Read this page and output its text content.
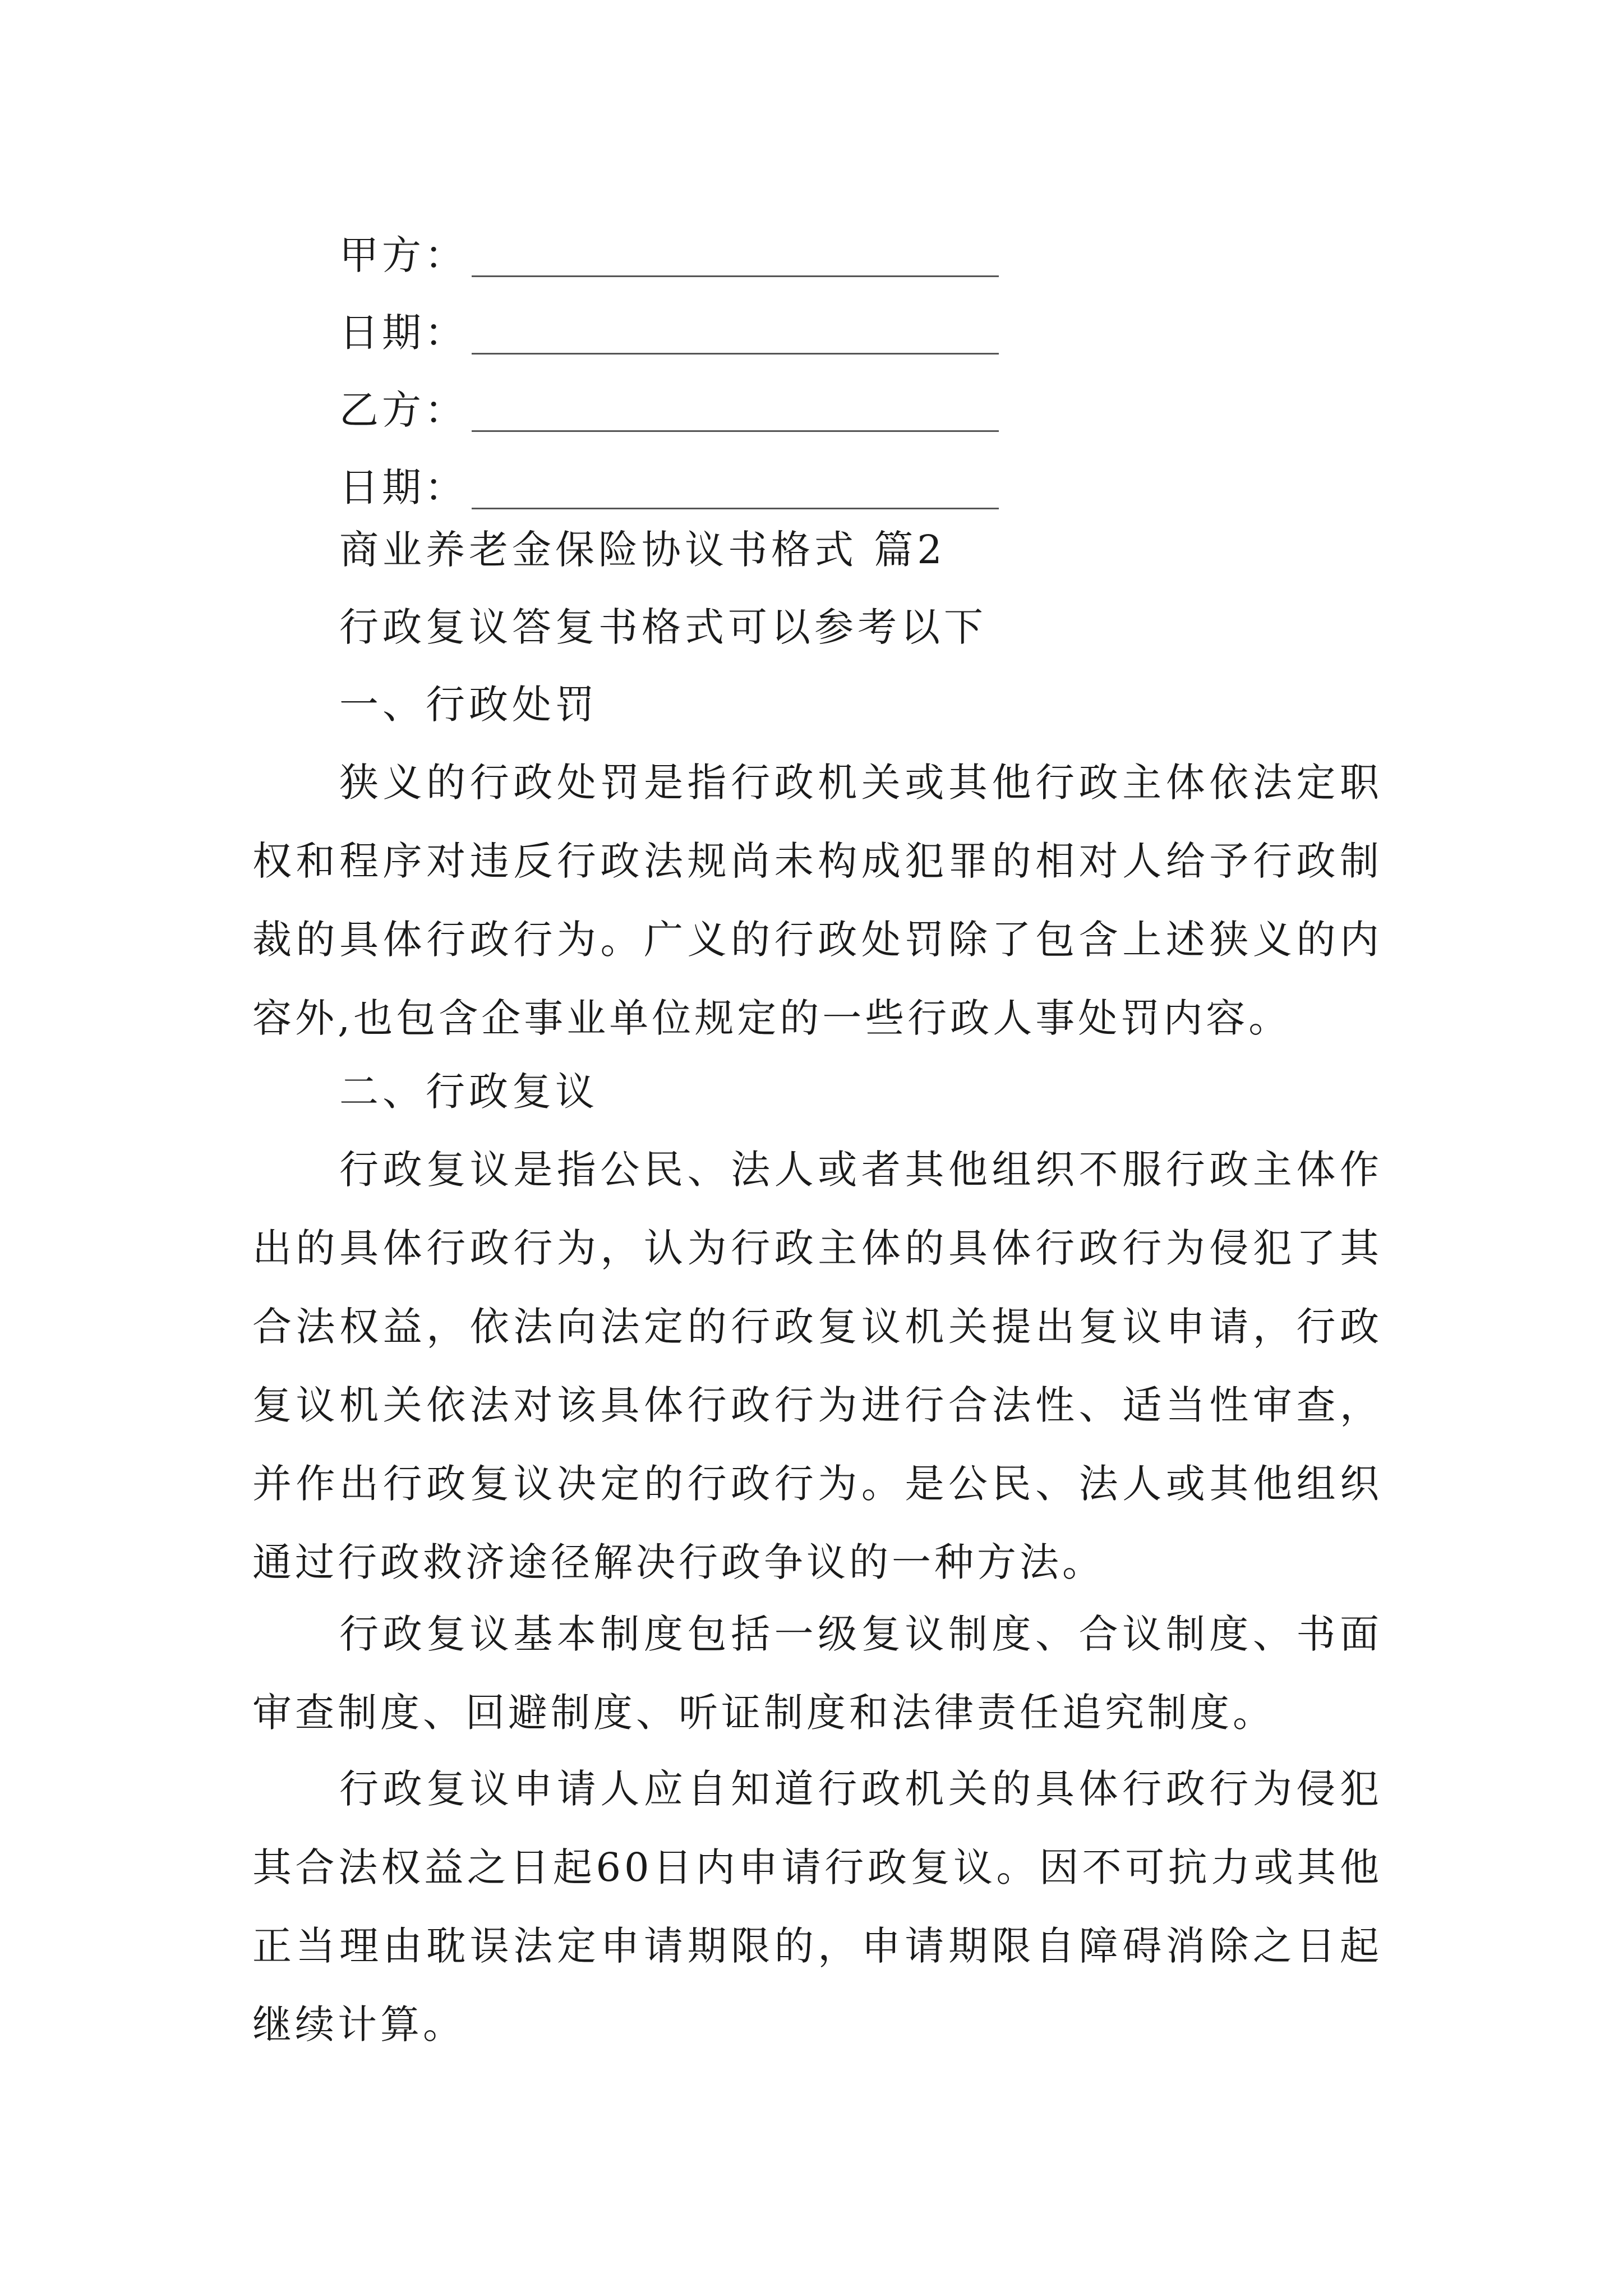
甲方：
日期：
乙方：
日期：
商业养老金保险协议书格式 篇2
行政复议答复书格式可以参考以下
一、行政处罚

狭义的行政处罚是指行政机关或其他行政主体依法定职权和程序对违反行政法规尚未构成犯罪的相对人给予行政制裁的具体行政行为。广义的行政处罚除了包含上述狭义的内容外,也包含企事业单位规定的一些行政人事处罚内容。

二、行政复议

行政复议是指公民、法人或者其他组织不服行政主体作出的具体行政行为，认为行政主体的具体行政行为侵犯了其合法权益，依法向法定的行政复议机关提出复议申请，行政复议机关依法对该具体行政行为进行合法性、适当性审查，并作出行政复议决定的行政行为。是公民、法人或其他组织通过行政救济途径解决行政争议的一种方法。

行政复议基本制度包括一级复议制度、合议制度、书面审查制度、回避制度、听证制度和法律责任追究制度。

行政复议申请人应自知道行政机关的具体行政行为侵犯其合法权益之日起60日内申请行政复议。因不可抗力或其他正当理由耽误法定申请期限的，申请期限自障碍消除之日起继续计算。
